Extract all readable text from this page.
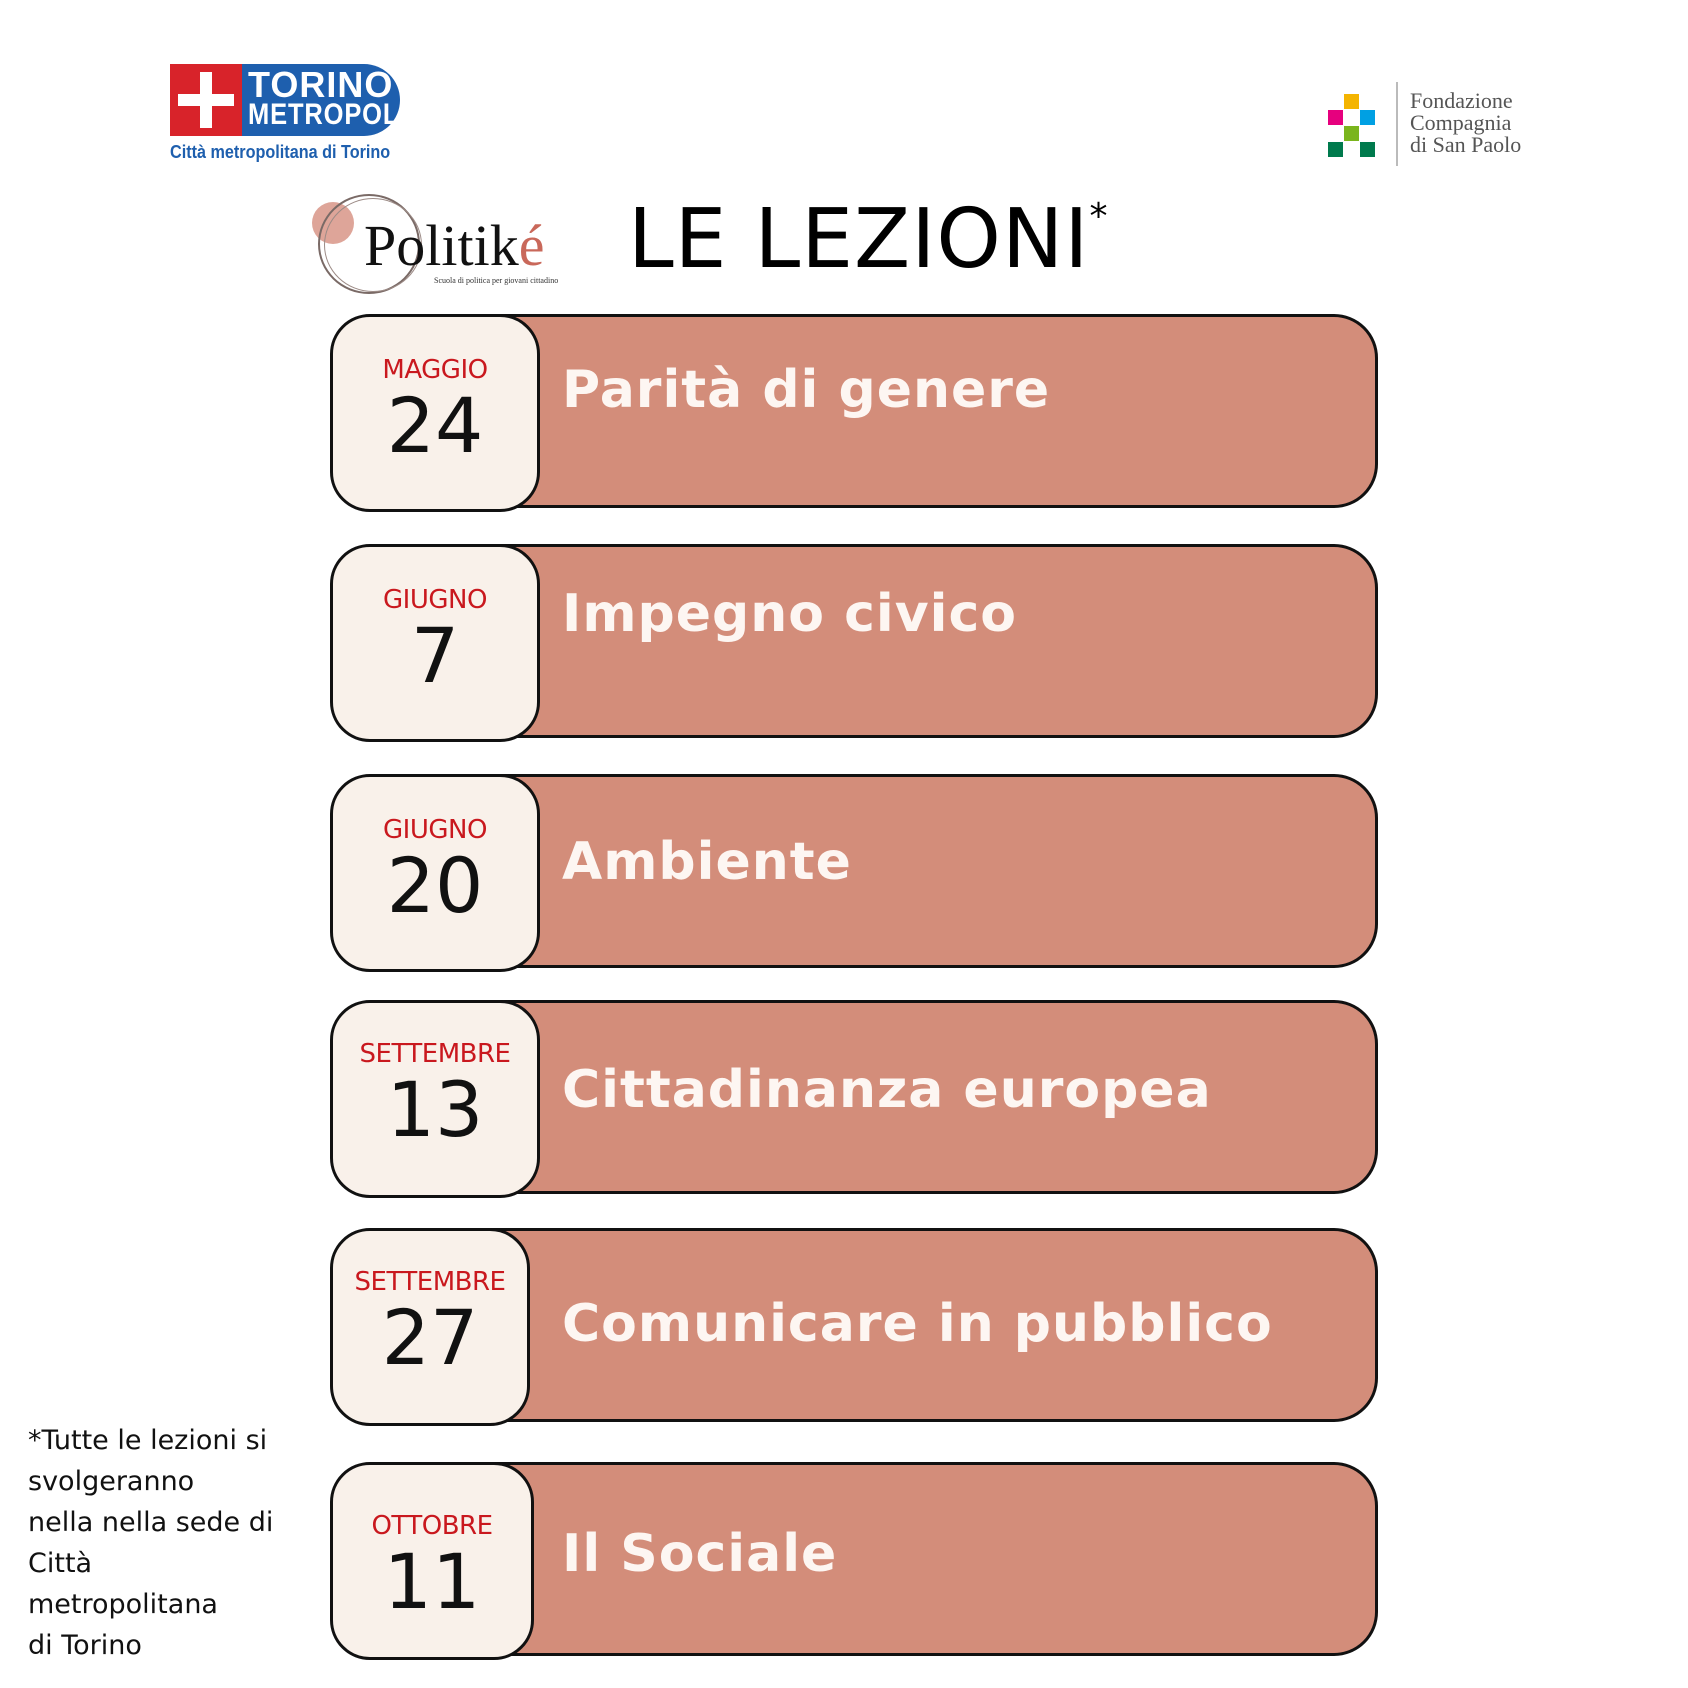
TORINO
METROPOLI
Città metropolitana di Torino
Fondazione
Compagnia
di San Paolo
Politiké
Scuola di politica per giovani cittadino LE LEZIONI*
MAGGIO
24	Parità di genere
GIUGNO
7	Impegno civico
GIUGNO
20	Ambiente
SETTEMBRE
13	Cittadinanza europea
SETTEMBRE
27	Comunicare in pubblico
OTTOBRE
11	Il Sociale
*Tutte le lezioni si
svolgeranno
nella nella sede di
Città
metropolitana
di Torino
